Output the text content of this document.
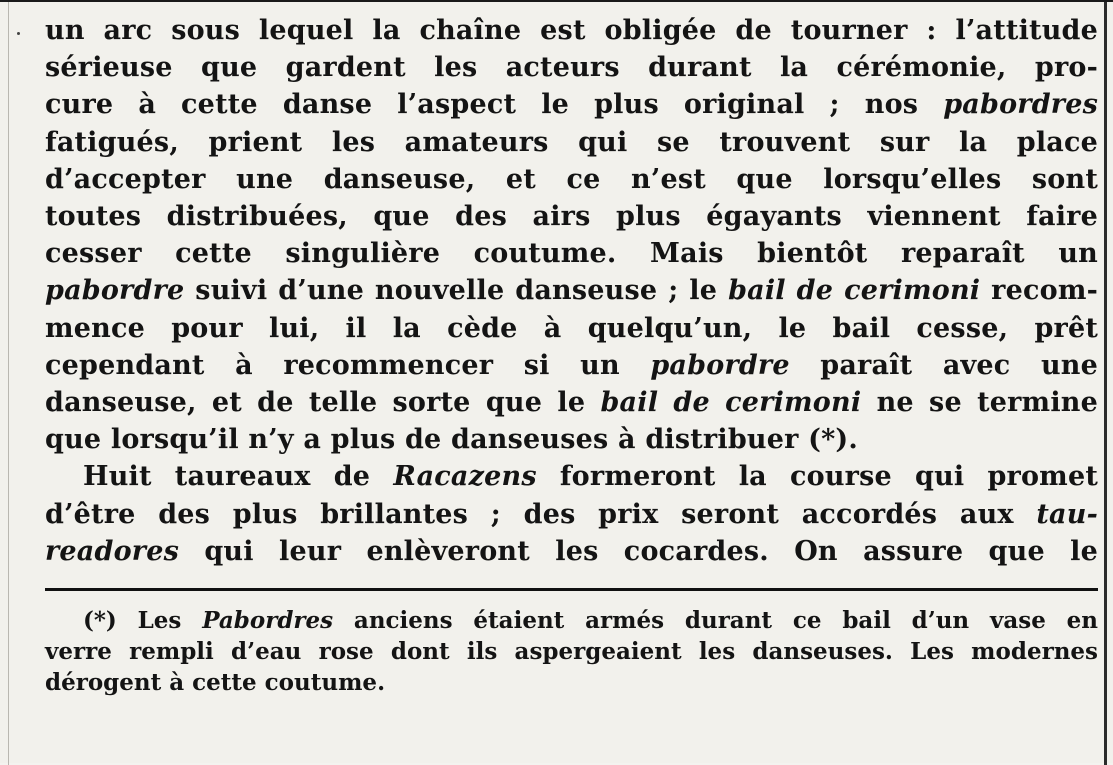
un arc sous lequel la chaîne est obligée de tourner : l’attitude
sérieuse que gardent les acteurs durant la cérémonie, pro-
cure à cette danse l’aspect le plus original ; nos pabordres
fatigués, prient les amateurs qui se trouvent sur la place
d’accepter une danseuse, et ce n’est que lorsqu’elles sont
toutes distribuées, que des airs plus égayants viennent faire
cesser cette singulière coutume. Mais bientôt reparaît un
pabordre suivi d’une nouvelle danseuse ; le bail de cerimoni recom-
mence pour lui, il la cède à quelqu’un, le bail cesse, prêt
cependant à recommencer si un pabordre paraît avec une
danseuse, et de telle sorte que le bail de cerimoni ne se termine
que lorsqu’il n’y a plus de danseuses à distribuer (*).
Huit taureaux de Racazens formeront la course qui promet
d’être des plus brillantes ; des prix seront accordés aux tau-
readores qui leur enlèveront les cocardes. On assure que le
(*) Les Pabordres anciens étaient armés durant ce bail d’un vase en
verre rempli d’eau rose dont ils aspergeaient les danseuses. Les modernes
dérogent à cette coutume.
